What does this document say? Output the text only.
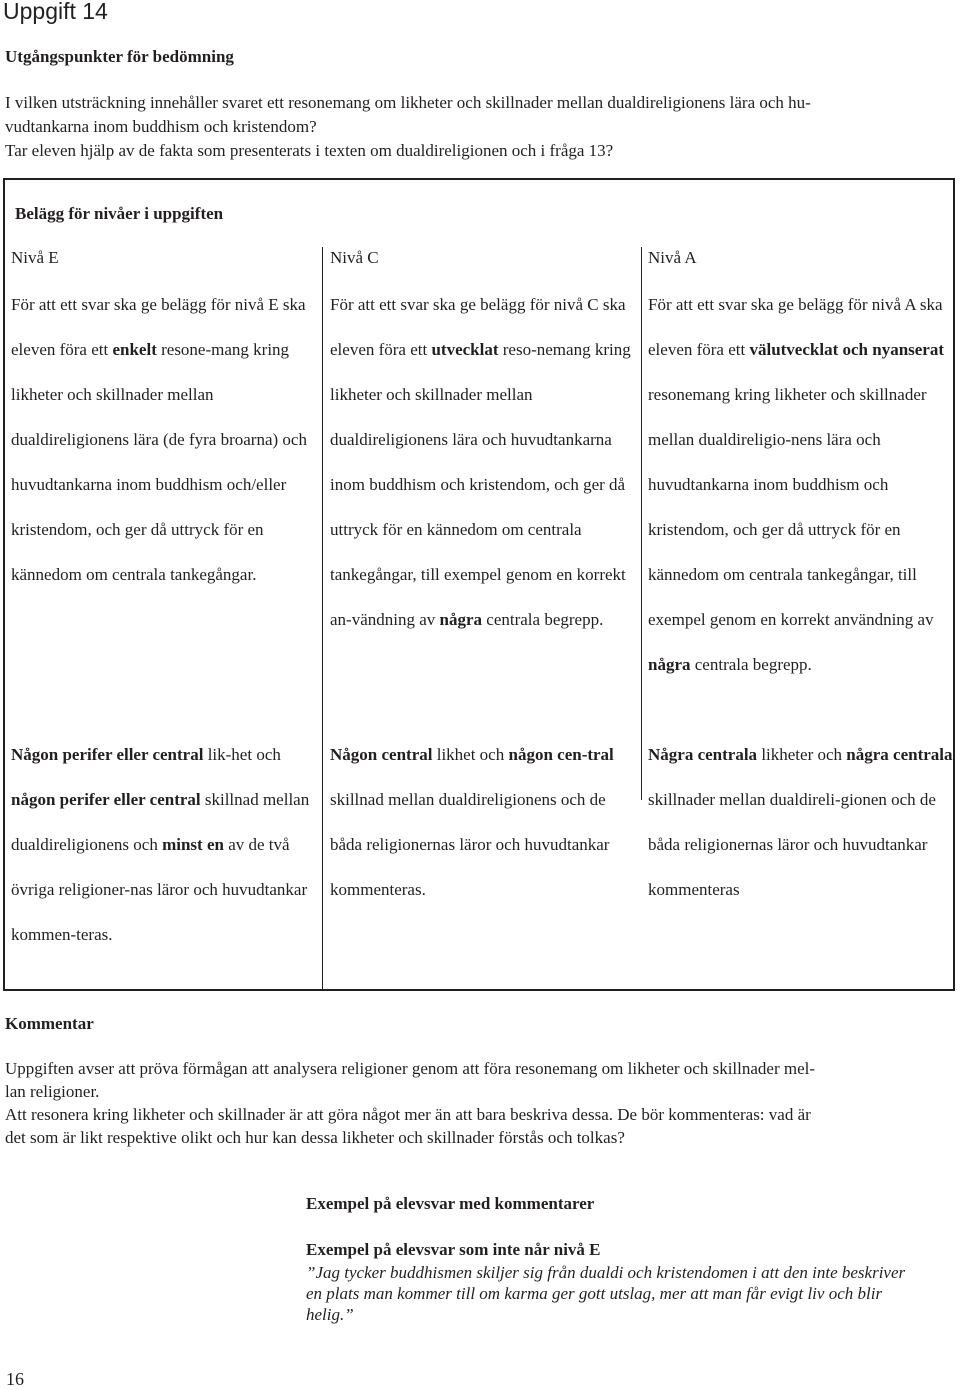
Uppgift 14
Utgångspunkter för bedömning

I vilken utsträckning innehåller svaret ett resonemang om likheter och skillnader mellan dualdireligionens lära och hu-

vudtankarna inom buddhism och kristendom?

Tar eleven hjälp av de fakta som presenterats i texten om dualdireligionen och i fråga 13?

Belägg för nivåer i uppgiften

Nivå E

För att ett svar ska ge belägg för nivå E ska eleven föra ett enkelt resone-mang kring likheter och skillnader mellan dualdireligionens lära (de fyra broarna) och huvudtankarna inom buddhism och/eller kristendom, och ger då uttryck för en kännedom om centrala tankegångar.

Någon perifer eller central lik-het och någon perifer eller central skillnad mellan dualdireligionens och minst en av de två övriga religioner-nas läror och huvudtankar kommen-teras.

Nivå C

För att ett svar ska ge belägg för nivå C ska eleven föra ett utvecklat reso-nemang kring likheter och skillnader mellan dualdireligionens lära och huvudtankarna inom buddhism och kristendom, och ger då uttryck för en kännedom om centrala tankegångar, till exempel genom en korrekt an-vändning av några centrala begrepp.

Någon central likhet och någon cen-tral skillnad mellan dualdireligionens och de båda religionernas läror och huvudtankar kommenteras.

Nivå A

För att ett svar ska ge belägg för nivå A ska eleven föra ett välutvecklat och nyanserat resonemang kring likheter och skillnader mellan dualdireligio-nens lära och huvudtankarna inom buddhism och kristendom, och ger då uttryck för en kännedom om centrala tankegångar, till exempel genom en korrekt användning av några centrala begrepp.

Några centrala likheter och några centrala skillnader mellan dualdireli-gionen och de båda religionernas läror och huvudtankar kommenteras

Kommentar

Uppgiften avser att pröva förmågan att analysera religioner genom att föra resonemang om likheter och skillnader mel-

lan religioner.

Att resonera kring likheter och skillnader är att göra något mer än att bara beskriva dessa. De bör kommenteras: vad är

det som är likt respektive olikt och hur kan dessa likheter och skillnader förstås och tolkas?

Exempel på elevsvar med kommentarer

Exempel på elevsvar som inte når nivå E

”Jag tycker buddhismen skiljer sig från dualdi och kristendomen i att den inte beskriver

en plats man kommer till om karma ger gott utslag, mer att man får evigt liv och blir

helig.”

16
